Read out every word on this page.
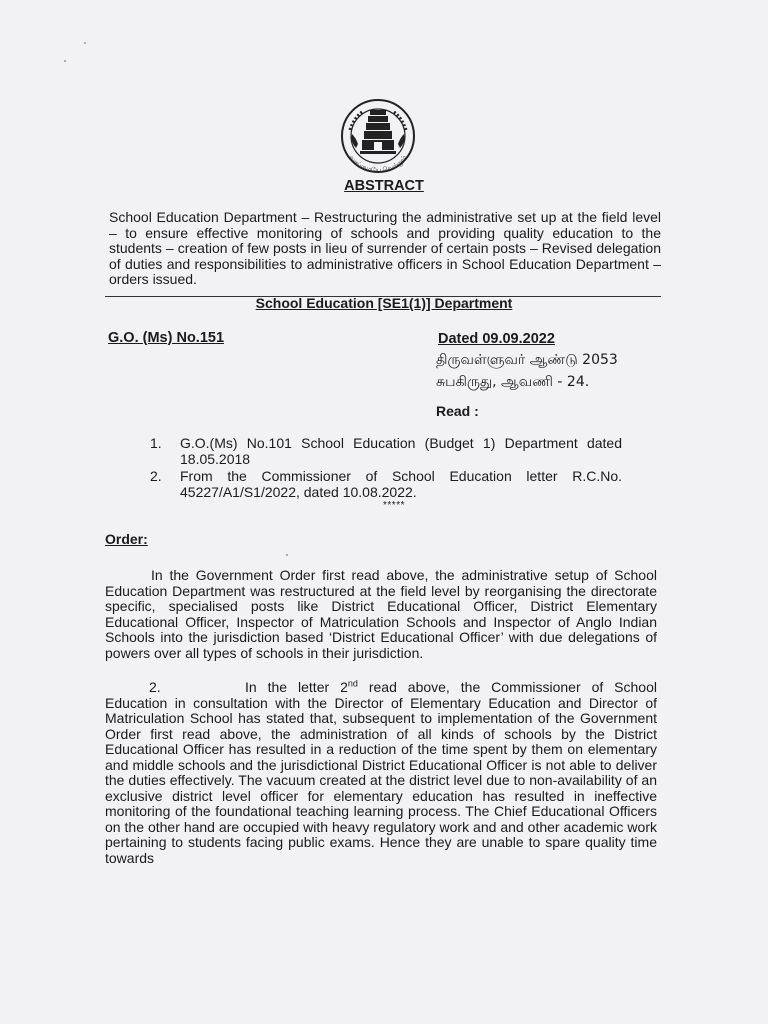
வாய்மையே வெல்லும்
ABSTRACT

School Education Department – Restructuring the administrative set up at the field level – to ensure effective monitoring of schools and providing quality education to the students – creation of few posts in lieu of surrender of certain posts – Revised delegation of duties and responsibilities to administrative officers in School Education Department – orders issued.

School Education [SE1(1)] Department
G.O. (Ms) No.151	Dated 09.09.2022
திருவள்ளுவர் ஆண்டு 2053
சுபகிருது, ஆவணி - 24.
Read :
1.	G.O.(Ms) No.101 School Education (Budget 1) Department dated 18.05.2018
2.	From the Commissioner of School Education letter R.C.No. 45227/A1/S1/2022, dated 10.08.2022.
*****
Order:

In the Government Order first read above, the administrative setup of School Education Department was restructured at the field level by reorganising the directorate specific, specialised posts like District Educational Officer, District Elementary Educational Officer, Inspector of Matriculation Schools and Inspector of Anglo Indian Schools into the jurisdiction based ‘District Educational Officer’ with due delegations of powers over all types of schools in their jurisdiction.

2.	In the letter 2nd read above, the Commissioner of School Education in consultation with the Director of Elementary Education and Director of Matriculation School has stated that, subsequent to implementation of the Government Order first read above, the administration of all kinds of schools by the District Educational Officer has resulted in a reduction of the time spent by them on elementary and middle schools and the jurisdictional District Educational Officer is not able to deliver the duties effectively. The vacuum created at the district level due to non-availability of an exclusive district level officer for elementary education has resulted in ineffective monitoring of the foundational teaching learning process. The Chief Educational Officers on the other hand are occupied with heavy regulatory work and and other academic work pertaining to students facing public exams. Hence they are unable to spare quality time towards
